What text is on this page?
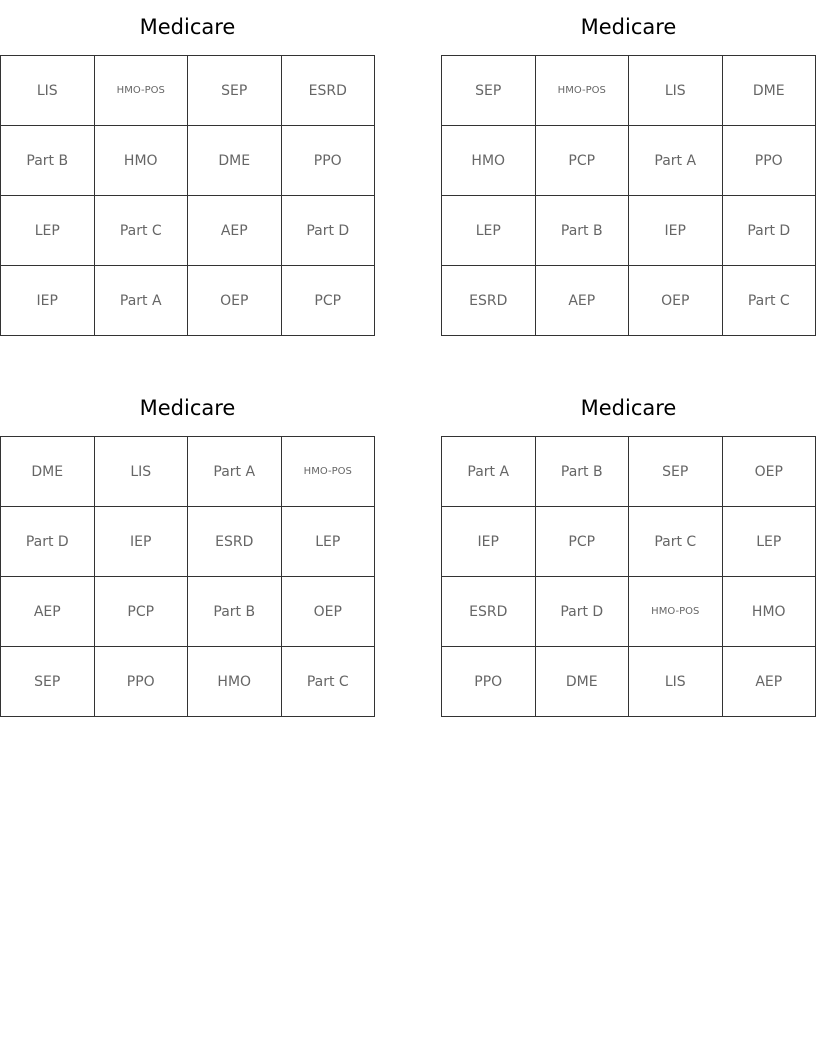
Medicare
LIS	HMO-POS	SEP	ESRD
Part B	HMO	DME	PPO
LEP	Part C	AEP	Part D
IEP	Part A	OEP	PCP
Medicare
SEP	HMO-POS	LIS	DME
HMO	PCP	Part A	PPO
LEP	Part B	IEP	Part D
ESRD	AEP	OEP	Part C
Medicare
DME	LIS	Part A	HMO-POS
Part D	IEP	ESRD	LEP
AEP	PCP	Part B	OEP
SEP	PPO	HMO	Part C
Medicare
Part A	Part B	SEP	OEP
IEP	PCP	Part C	LEP
ESRD	Part D	HMO-POS	HMO
PPO	DME	LIS	AEP
